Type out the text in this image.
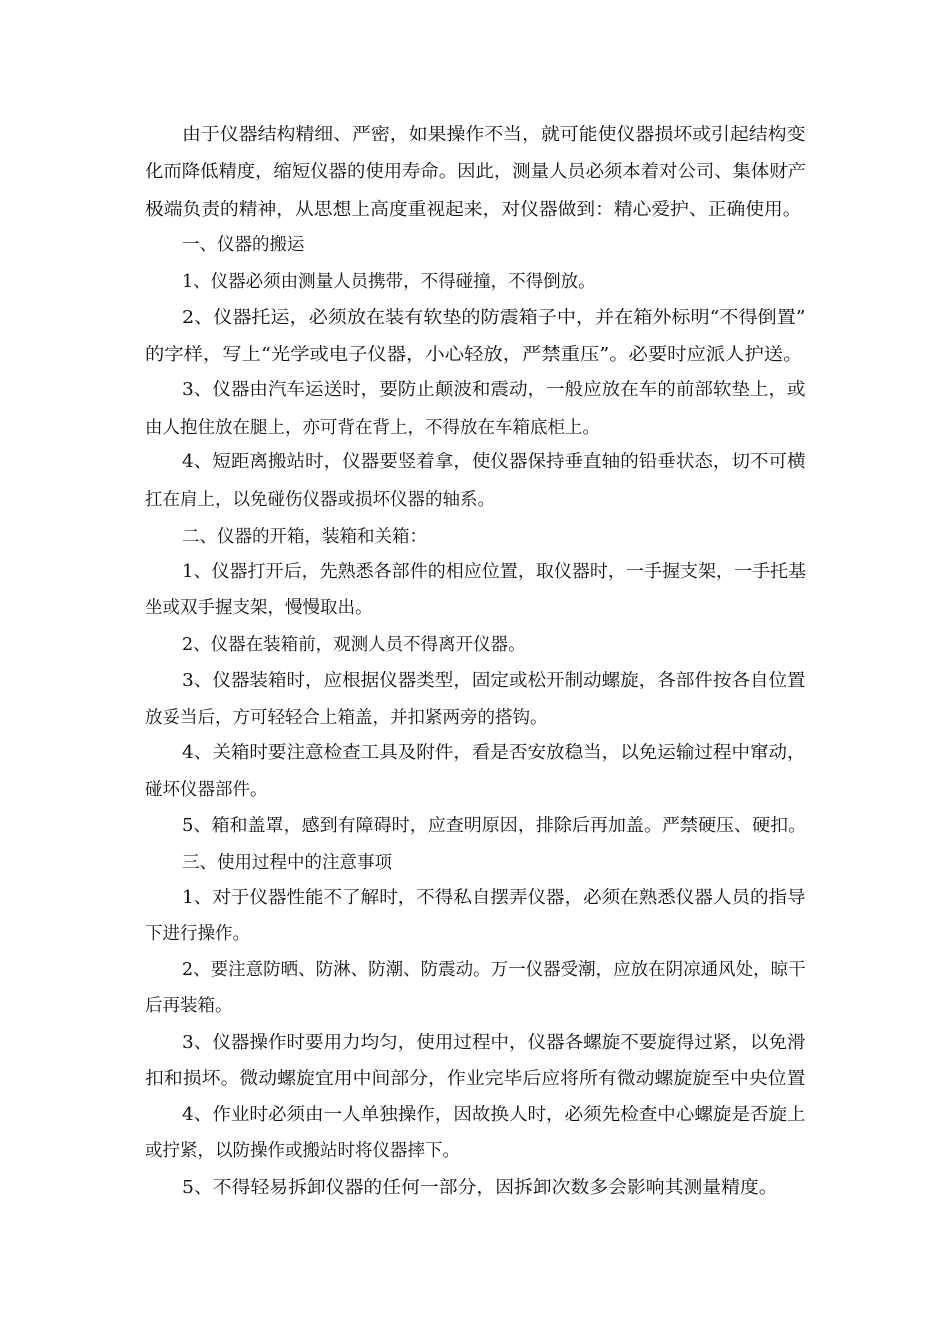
由于仪器结构精细、严密，如果操作不当，就可能使仪器损坏或引起结构变

化而降低精度，缩短仪器的使用寿命。因此，测量人员必须本着对公司、集体财产

极端负责的精神，从思想上高度重视起来，对仪器做到：精心爱护、正确使用。

一、仪器的搬运

1、仪器必须由测量人员携带，不得碰撞，不得倒放。

2、仪器托运，必须放在装有软垫的防震箱子中，并在箱外标明“不得倒置”

的字样，写上“光学或电子仪器，小心轻放，严禁重压”。必要时应派人护送。

3、仪器由汽车运送时，要防止颠波和震动，一般应放在车的前部软垫上，或

由人抱住放在腿上，亦可背在背上，不得放在车箱底柜上。

4、短距离搬站时，仪器要竖着拿，使仪器保持垂直轴的铅垂状态，切不可横

扛在肩上，以免碰伤仪器或损坏仪器的轴系。

二、仪器的开箱，装箱和关箱：

1、仪器打开后，先熟悉各部件的相应位置，取仪器时，一手握支架，一手托基

坐或双手握支架，慢慢取出。

2、仪器在装箱前，观测人员不得离开仪器。

3、仪器装箱时，应根据仪器类型，固定或松开制动螺旋，各部件按各自位置

放妥当后，方可轻轻合上箱盖，并扣紧两旁的搭钩。

4、关箱时要注意检查工具及附件，看是否安放稳当，以免运输过程中窜动，

碰坏仪器部件。

5、箱和盖罩，感到有障碍时，应查明原因，排除后再加盖。严禁硬压、硬扣。

三、使用过程中的注意事项

1、对于仪器性能不了解时，不得私自摆弄仪器，必须在熟悉仪器人员的指导

下进行操作。

2、要注意防晒、防淋、防潮、防震动。万一仪器受潮，应放在阴凉通风处，晾干

后再装箱。

3、仪器操作时要用力均匀，使用过程中，仪器各螺旋不要旋得过紧，以免滑

扣和损坏。微动螺旋宜用中间部分，作业完毕后应将所有微动螺旋旋至中央位置

4、作业时必须由一人单独操作，因故换人时，必须先检查中心螺旋是否旋上

或拧紧，以防操作或搬站时将仪器摔下。

5、不得轻易拆卸仪器的任何一部分，因拆卸次数多会影响其测量精度。
